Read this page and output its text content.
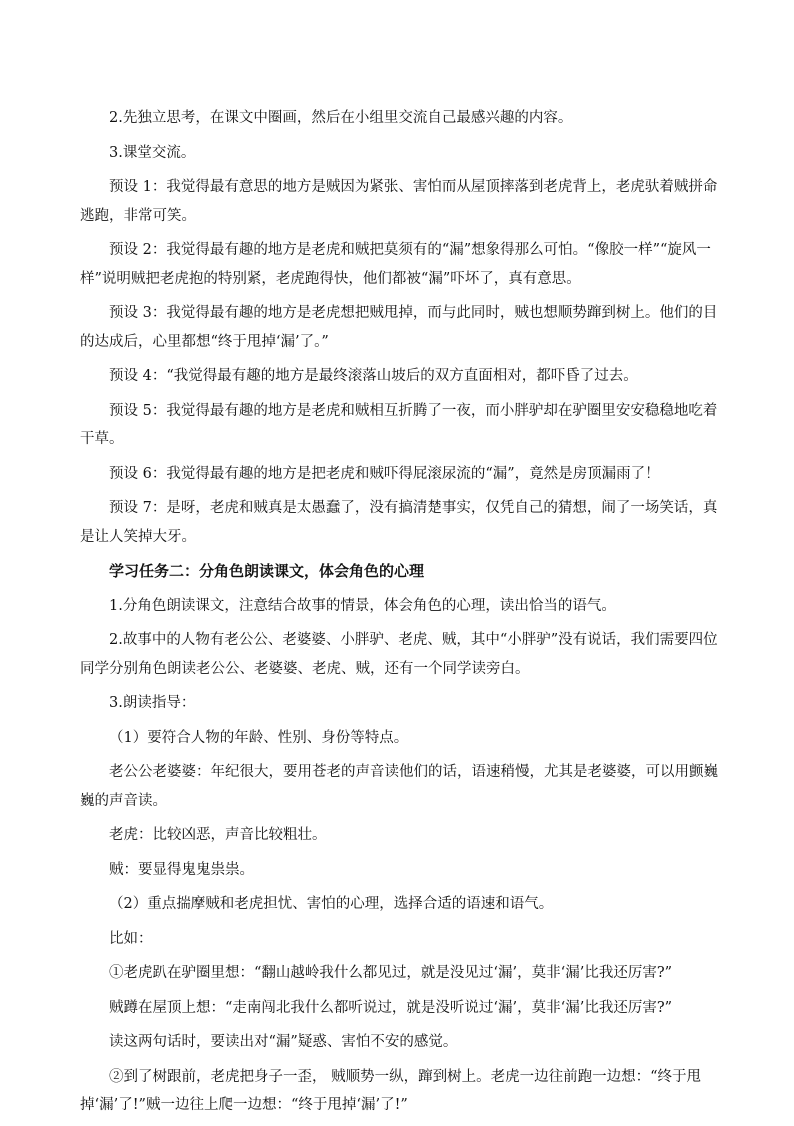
2.先独立思考，在课文中圈画，然后在小组里交流自己最感兴趣的内容。

3.课堂交流。

预设 1：我觉得最有意思的地方是贼因为紧张、害怕而从屋顶摔落到老虎背上，老虎驮着贼拼命逃跑，非常可笑。

预设 2：我觉得最有趣的地方是老虎和贼把莫须有的“漏”想象得那么可怕。“像胶一样”“旋风一样”说明贼把老虎抱的特别紧，老虎跑得快，他们都被“漏”吓坏了，真有意思。

预设 3：我觉得最有趣的地方是老虎想把贼甩掉，而与此同时，贼也想顺势蹿到树上。他们的目的达成后，心里都想“终于甩掉‘漏’了。”

预设 4：“我觉得最有趣的地方是最终滚落山坡后的双方直面相对，都吓昏了过去。

预设 5：我觉得最有趣的地方是老虎和贼相互折腾了一夜，而小胖驴却在驴圈里安安稳稳地吃着干草。

预设 6：我觉得最有趣的地方是把老虎和贼吓得屁滚尿流的“漏”，竟然是房顶漏雨了！

预设 7：是呀，老虎和贼真是太愚蠢了，没有搞清楚事实，仅凭自己的猜想，闹了一场笑话，真是让人笑掉大牙。

学习任务二：分角色朗读课文，体会角色的心理

1.分角色朗读课文，注意结合故事的情景，体会角色的心理，读出恰当的语气。

2.故事中的人物有老公公、老婆婆、小胖驴、老虎、贼，其中“小胖驴”没有说话，我们需要四位同学分别角色朗读老公公、老婆婆、老虎、贼，还有一个同学读旁白。

3.朗读指导：

（1）要符合人物的年龄、性别、身份等特点。

老公公老婆婆：年纪很大，要用苍老的声音读他们的话，语速稍慢，尤其是老婆婆，可以用颤巍巍的声音读。

老虎：比较凶恶，声音比较粗壮。

贼：要显得鬼鬼祟祟。

（2）重点揣摩贼和老虎担忧、害怕的心理，选择合适的语速和语气。

比如：

①老虎趴在驴圈里想：“翻山越岭我什么都见过，就是没见过‘漏’，莫非‘漏’比我还厉害?”

贼蹲在屋顶上想：“走南闯北我什么都听说过，就是没听说过‘漏’，莫非‘漏’比我还厉害?”

读这两句话时，要读出对“漏”疑惑、害怕不安的感觉。

②到了树跟前，老虎把身子一歪， 贼顺势一纵，蹿到树上。老虎一边往前跑一边想：“终于甩掉‘漏’了!”贼一边往上爬一边想：“终于甩掉‘漏’了!”
